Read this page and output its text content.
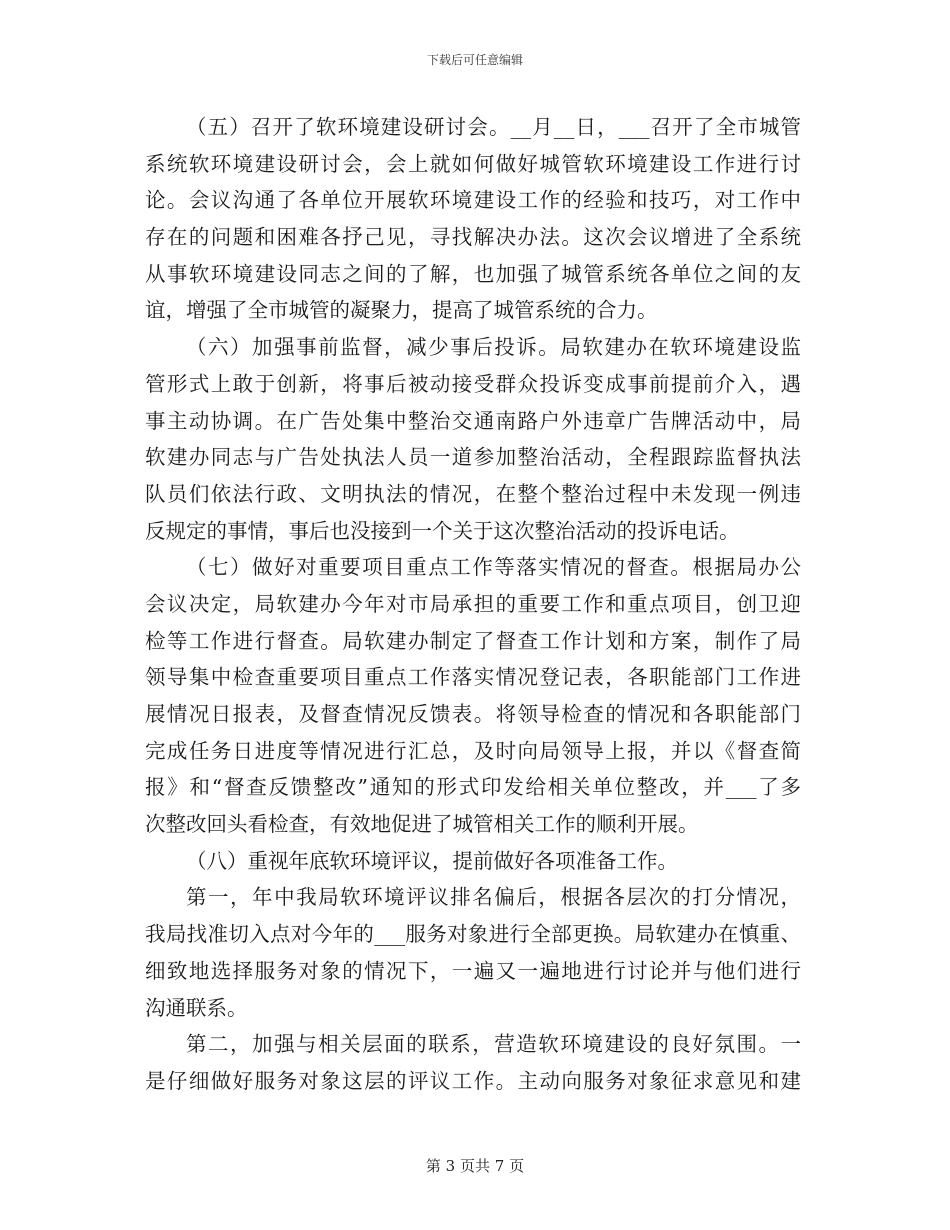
下载后可任意编辑
（五）召开了软环境建设研讨会。__月__日，___召开了全市城管
系统软环境建设研讨会，会上就如何做好城管软环境建设工作进行讨
论。会议沟通了各单位开展软环境建设工作的经验和技巧，对工作中
存在的问题和困难各抒己见，寻找解决办法。这次会议增进了全系统
从事软环境建设同志之间的了解，也加强了城管系统各单位之间的友
谊，增强了全市城管的凝聚力，提高了城管系统的合力。
（六）加强事前监督，减少事后投诉。局软建办在软环境建设监
管形式上敢于创新，将事后被动接受群众投诉变成事前提前介入，遇
事主动协调。在广告处集中整治交通南路户外违章广告牌活动中，局
软建办同志与广告处执法人员一道参加整治活动，全程跟踪监督执法
队员们依法行政、文明执法的情况，在整个整治过程中未发现一例违
反规定的事情，事后也没接到一个关于这次整治活动的投诉电话。
（七）做好对重要项目重点工作等落实情况的督查。根据局办公
会议决定，局软建办今年对市局承担的重要工作和重点项目，创卫迎
检等工作进行督查。局软建办制定了督查工作计划和方案，制作了局
领导集中检查重要项目重点工作落实情况登记表，各职能部门工作进
展情况日报表，及督查情况反馈表。将领导检查的情况和各职能部门
完成任务日进度等情况进行汇总，及时向局领导上报，并以《督查简
报》和“督查反馈整改”通知的形式印发给相关单位整改，并___了多
次整改回头看检查，有效地促进了城管相关工作的顺利开展。
（八）重视年底软环境评议，提前做好各项准备工作。
第一，年中我局软环境评议排名偏后，根据各层次的打分情况，
我局找准切入点对今年的___服务对象进行全部更换。局软建办在慎重、
细致地选择服务对象的情况下，一遍又一遍地进行讨论并与他们进行
沟通联系。
第二，加强与相关层面的联系，营造软环境建设的良好氛围。一
是仔细做好服务对象这层的评议工作。主动向服务对象征求意见和建
第 3 页共 7 页
